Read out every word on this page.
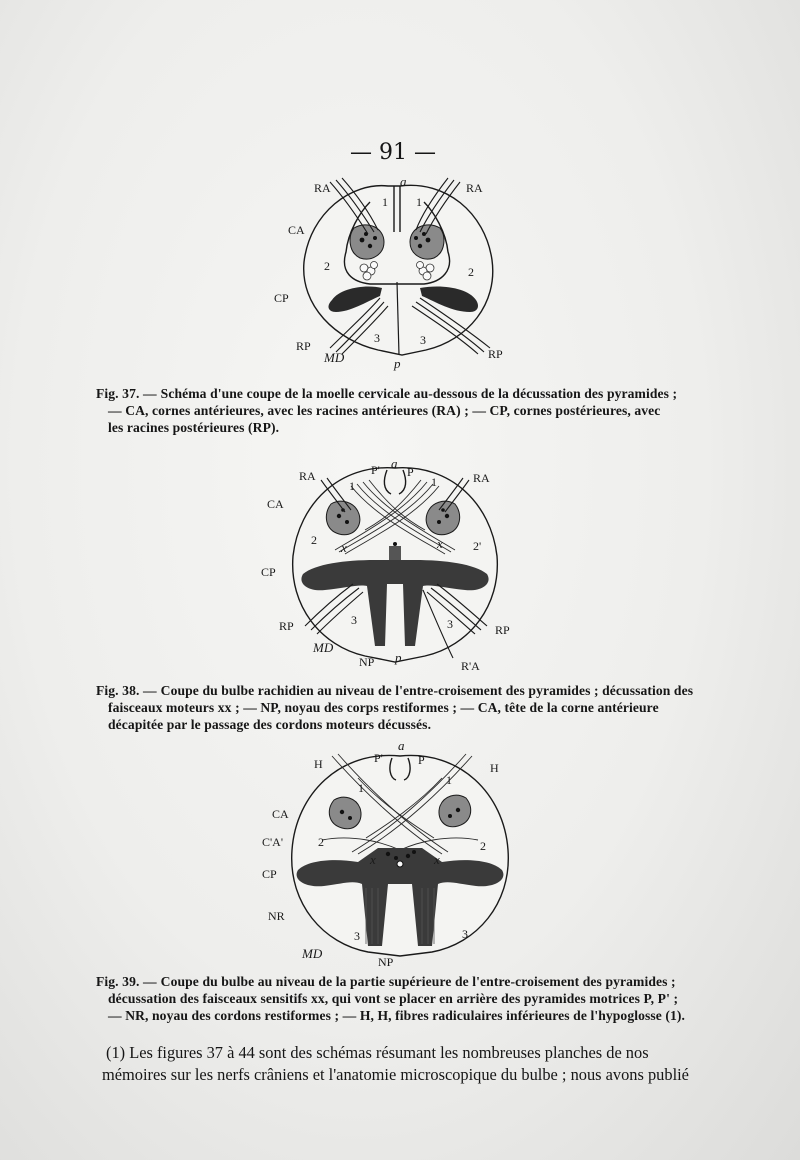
— 91 —
RA	RA
a
1 1
CA
2	2
CP
3	3
RP
RP
MD	p
Fig. 37. — Schéma d'une coupe de la moelle cervicale au-dessous de la décussation des pyramides ;
— CA, cornes antérieures, avec les racines antérieures (RA) ; — CP, cornes postérieures, avec
les racines postérieures (RP).
RA	RA
a
P' P
1	1
CA
2	2'
x	x
CP
RP	RP
3	3
MD
NP p
R'A
Fig. 38. — Coupe du bulbe rachidien au niveau de l'entre-croisement des pyramides ; décussation des
faisceaux moteurs xx ; — NP, noyau des corps restiformes ; — CA, tête de la corne antérieure
décapitée par le passage des cordons moteurs décussés.
a
H	H
P'	P
1
1
CA
C'A'	2	2
x	x
CP
NR
3	3
MD
NP
Fig. 39. — Coupe du bulbe au niveau de la partie supérieure de l'entre-croisement des pyramides ;
décussation des faisceaux sensitifs xx, qui vont se placer en arrière des pyramides motrices P, P' ;
— NR, noyau des cordons restiformes ; — H, H, fibres radiculaires inférieures de l'hypoglosse (1).
(1) Les figures 37 à 44 sont des schémas résumant les nombreuses planches de nos
mémoires sur les nerfs crâniens et l'anatomie microscopique du bulbe ; nous avons publié
